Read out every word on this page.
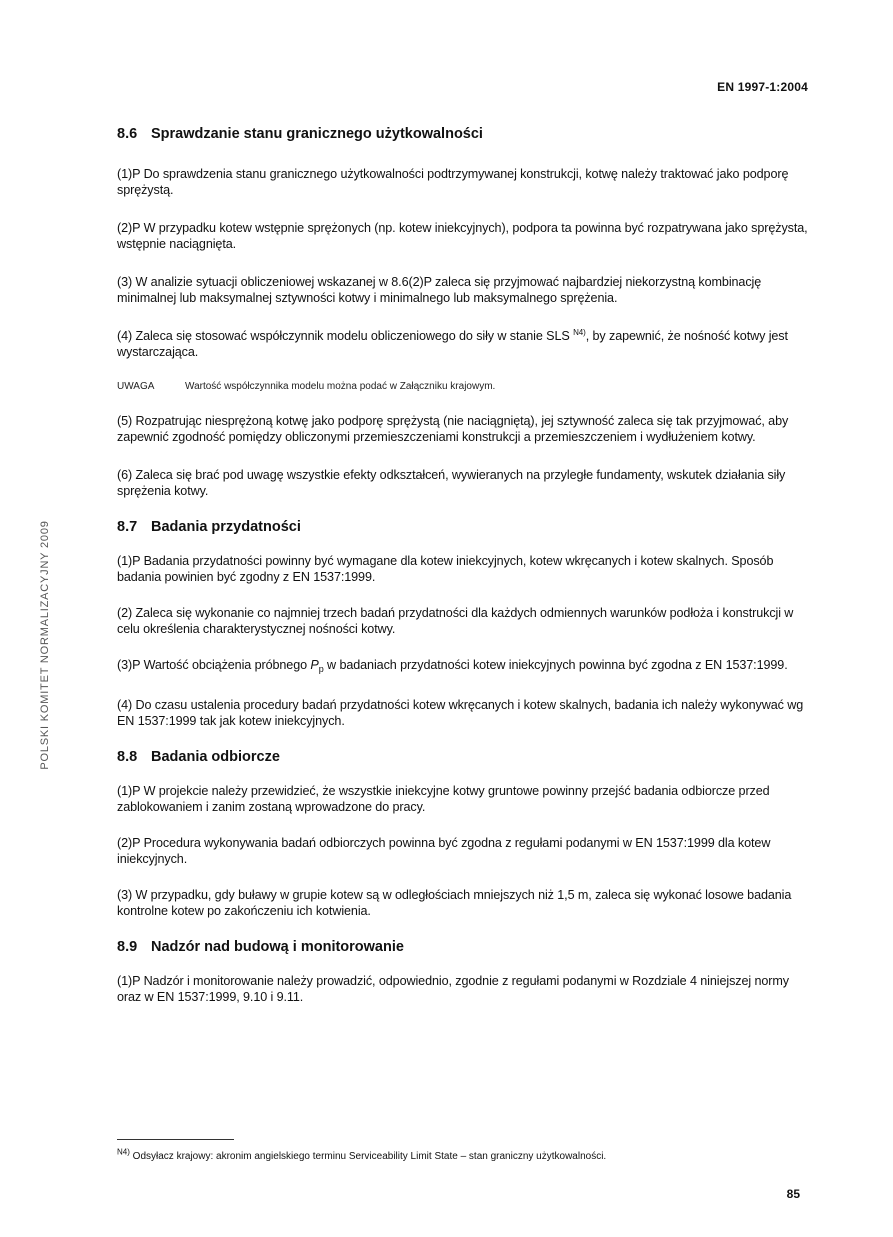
EN 1997-1:2004
POLSKI KOMITET NORMALIZACYJNY 2009
8.6 Sprawdzanie stanu granicznego użytkowalności

(1)P Do sprawdzenia stanu granicznego użytkowalności podtrzymywanej konstrukcji, kotwę należy traktować jako podporę sprężystą.

(2)P W przypadku kotew wstępnie sprężonych (np. kotew iniekcyjnych), podpora ta powinna być rozpatrywana jako sprężysta, wstępnie naciągnięta.

(3) W analizie sytuacji obliczeniowej wskazanej w 8.6(2)P zaleca się przyjmować najbardziej niekorzystną kombinację minimalnej lub maksymalnej sztywności kotwy i minimalnego lub maksymalnego sprężenia.

(4) Zaleca się stosować współczynnik modelu obliczeniowego do siły w stanie SLS $^{N4)}$, by zapewnić, że nośność kotwy jest wystarczająca.

UWAGA	Wartość współczynnika modelu można podać w Załączniku krajowym.

(5) Rozpatrując niesprężoną kotwę jako podporę sprężystą (nie naciągniętą), jej sztywność zaleca się tak przyjmować, aby zapewnić zgodność pomiędzy obliczonymi przemieszczeniami konstrukcji a przemieszczeniem i wydłużeniem kotwy.

(6) Zaleca się brać pod uwagę wszystkie efekty odkształceń, wywieranych na przyległe fundamenty, wskutek działania siły sprężenia kotwy.

8.7 Badania przydatności

(1)P Badania przydatności powinny być wymagane dla kotew iniekcyjnych, kotew wkręcanych i kotew skalnych. Sposób badania powinien być zgodny z EN 1537:1999.

(2) Zaleca się wykonanie co najmniej trzech badań przydatności dla każdych odmiennych warunków podłoża i konstrukcji w celu określenia charakterystycznej nośności kotwy.

(3)P Wartość obciążenia próbnego $P_p$ w badaniach przydatności kotew iniekcyjnych powinna być zgodna z EN 1537:1999.

(4) Do czasu ustalenia procedury badań przydatności kotew wkręcanych i kotew skalnych, badania ich należy wykonywać wg EN 1537:1999 tak jak kotew iniekcyjnych.

8.8 Badania odbiorcze

(1)P W projekcie należy przewidzieć, że wszystkie iniekcyjne kotwy gruntowe powinny przejść badania odbiorcze przed zablokowaniem i zanim zostaną wprowadzone do pracy.

(2)P Procedura wykonywania badań odbiorczych powinna być zgodna z regułami podanymi w EN 1537:1999 dla kotew iniekcyjnych.

(3) W przypadku, gdy buławy w grupie kotew są w odległościach mniejszych niż 1,5 m, zaleca się wykonać losowe badania kontrolne kotew po zakończeniu ich kotwienia.

8.9 Nadzór nad budową i monitorowanie

(1)P Nadzór i monitorowanie należy prowadzić, odpowiednio, zgodnie z regułami podanymi w Rozdziale 4 niniejszej normy oraz w EN 1537:1999, 9.10 i 9.11.

$^{N4)}$ Odsyłacz krajowy: akronim angielskiego terminu Serviceability Limit State – stan graniczny użytkowalności.
85
